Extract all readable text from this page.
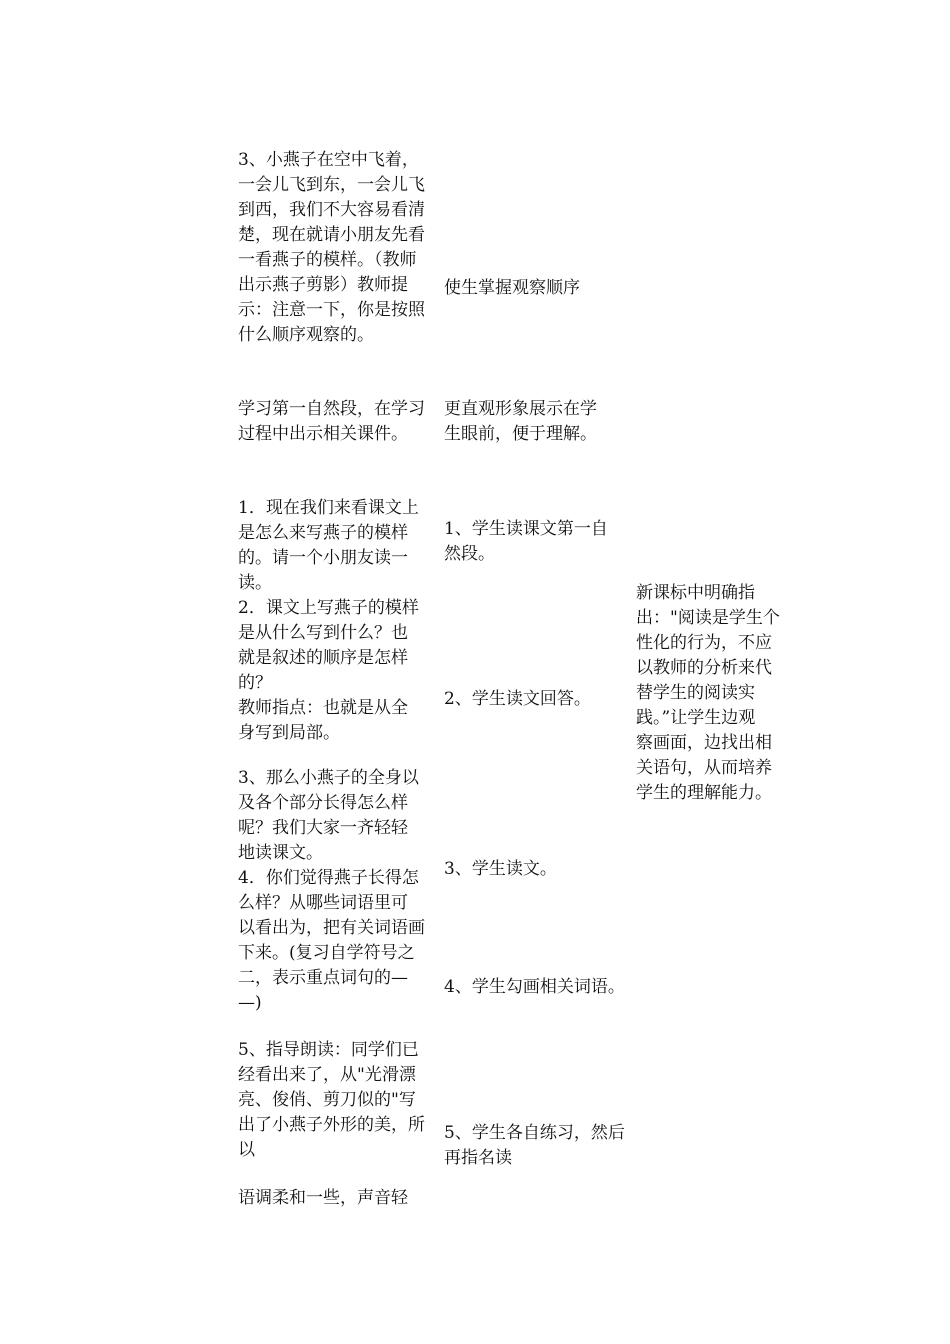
3、小燕子在空中飞着，
一会儿飞到东，一会儿飞
到西，我们不大容易看清
楚，现在就请小朋友先看
一看燕子的模样。（教师
出示燕子剪影）教师提
示：注意一下，你是按照
什么顺序观察的。
学习第一自然段，在学习
过程中出示相关课件。
1．现在我们来看课文上
是怎么来写燕子的模样
的。请一个小朋友读一
读。
2．课文上写燕子的模样
是从什么写到什么？也
就是叙述的顺序是怎样
的？
教师指点：也就是从全
身写到局部。
3、那么小燕子的全身以
及各个部分长得怎么样
呢？我们大家一齐轻轻
地读课文。
4．你们觉得燕子长得怎
么样？从哪些词语里可
以看出为，把有关词语画
下来。(复习自学符号之
二，表示重点词句的—
—)
5、指导朗读：同学们已
经看出来了，从"光滑漂
亮、俊俏、剪刀似的"写
出了小燕子外形的美，所
以
语调柔和一些，声音轻
使生掌握观察顺序
更直观形象展示在学
生眼前，便于理解。
1、学生读课文第一自
然段。
2、学生读文回答。
3、学生读文。
4、学生勾画相关词语。
5、学生各自练习，然后
再指名读
新课标中明确指
出："阅读是学生个
性化的行为，不应
以教师的分析来代
替学生的阅读实
践。”让学生边观
察画面，边找出相
关语句，从而培养
学生的理解能力。
